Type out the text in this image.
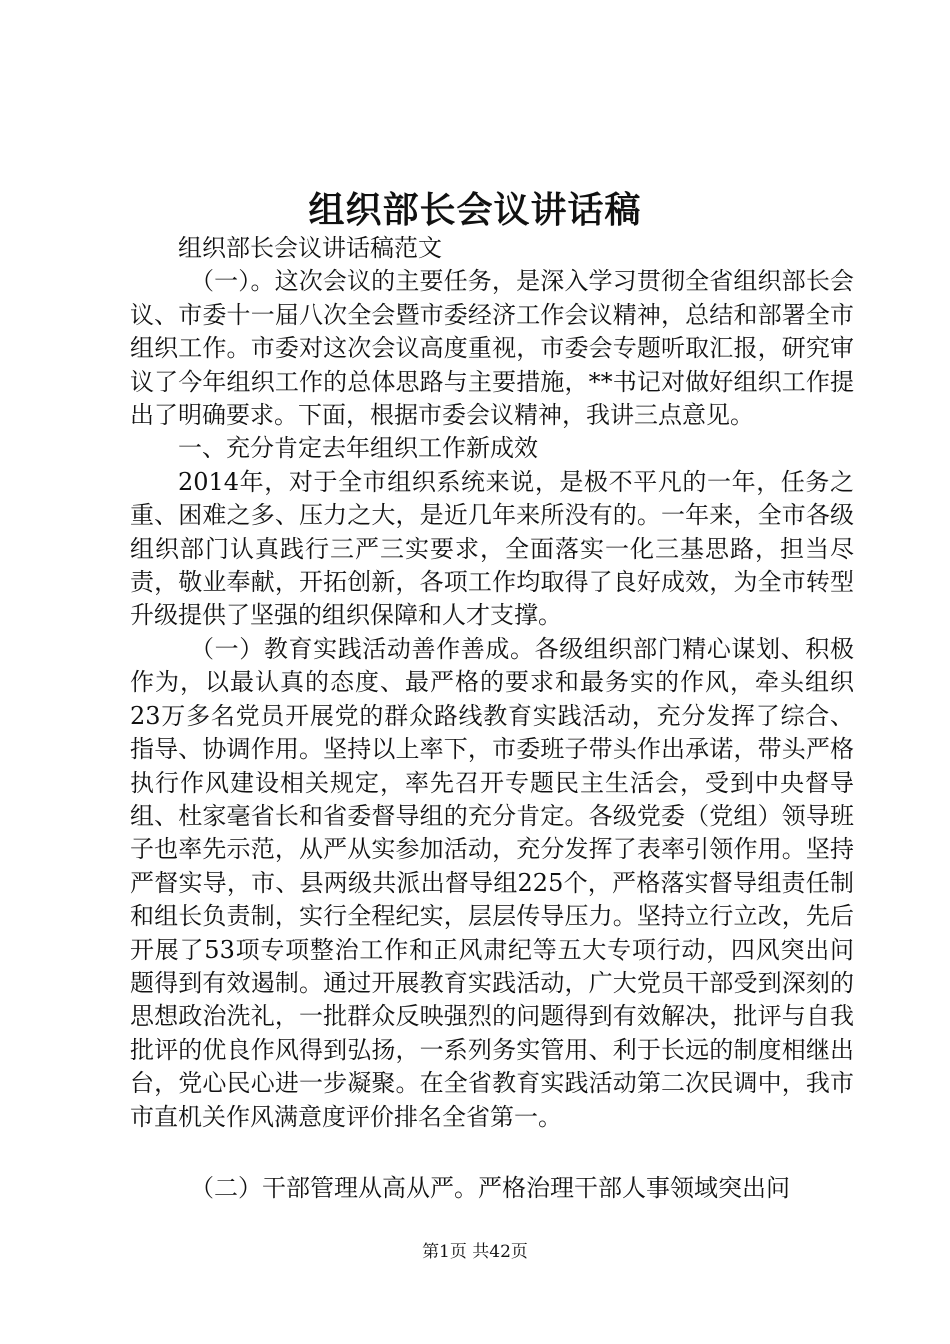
组织部长会议讲话稿

组织部长会议讲话稿范文

（一）。这次会议的主要任务，是深入学习贯彻全省组织部长会议、市委十一届八次全会暨市委经济工作会议精神，总结和部署全市组织工作。市委对这次会议高度重视，市委会专题听取汇报，研究审议了今年组织工作的总体思路与主要措施，**书记对做好组织工作提出了明确要求。下面，根据市委会议精神，我讲三点意见。

一、充分肯定去年组织工作新成效

2014年，对于全市组织系统来说，是极不平凡的一年，任务之重、困难之多、压力之大，是近几年来所没有的。一年来，全市各级组织部门认真践行三严三实要求，全面落实一化三基思路，担当尽责，敬业奉献，开拓创新，各项工作均取得了良好成效，为全市转型升级提供了坚强的组织保障和人才支撑。

（一）教育实践活动善作善成。各级组织部门精心谋划、积极作为，以最认真的态度、最严格的要求和最务实的作风，牵头组织23万多名党员开展党的群众路线教育实践活动，充分发挥了综合、指导、协调作用。坚持以上率下，市委班子带头作出承诺，带头严格执行作风建设相关规定，率先召开专题民主生活会，受到中央督导组、杜家毫省长和省委督导组的充分肯定。各级党委（党组）领导班子也率先示范，从严从实参加活动，充分发挥了表率引领作用。坚持严督实导，市、县两级共派出督导组225个，严格落实督导组责任制和组长负责制，实行全程纪实，层层传导压力。坚持立行立改，先后开展了53项专项整治工作和正风肃纪等五大专项行动，四风突出问题得到有效遏制。通过开展教育实践活动，广大党员干部受到深刻的思想政治洗礼，一批群众反映强烈的问题得到有效解决，批评与自我批评的优良作风得到弘扬，一系列务实管用、利于长远的制度相继出台，党心民心进一步凝聚。在全省教育实践活动第二次民调中，我市市直机关作风满意度评价排名全省第一。

（二）干部管理从高从严。严格治理干部人事领域突出问

第1页 共42页
